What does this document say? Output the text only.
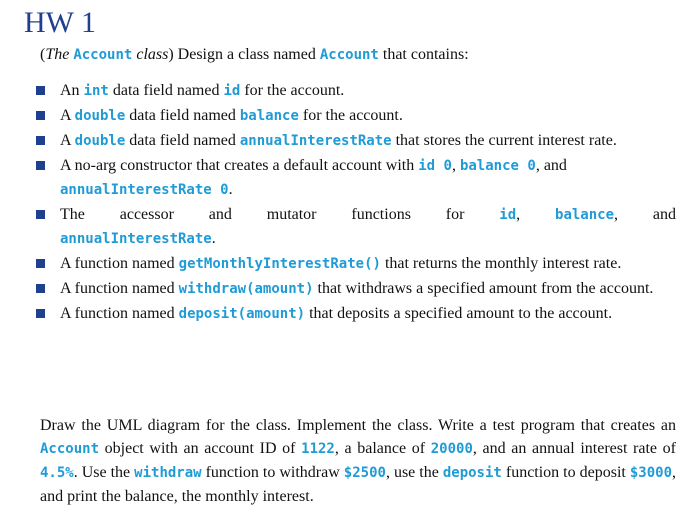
HW 1
(The Account class) Design a class named Account that contains:
An int data field named id for the account.
A double data field named balance for the account.
A double data field named annualInterestRate that stores the current interest rate.
A no-arg constructor that creates a default account with id 0, balance 0, and annualInterestRate 0.
The accessor and mutator functions for id, balance, and annualInterestRate.
A function named getMonthlyInterestRate() that returns the monthly interest rate.
A function named withdraw(amount) that withdraws a specified amount from the account.
A function named deposit(amount) that deposits a specified amount to the account.
Draw the UML diagram for the class. Implement the class. Write a test program that creates an Account object with an account ID of 1122, a balance of 20000, and an annual interest rate of 4.5%. Use the withdraw function to withdraw $2500, use the deposit function to deposit $3000, and print the balance, the monthly interest.
